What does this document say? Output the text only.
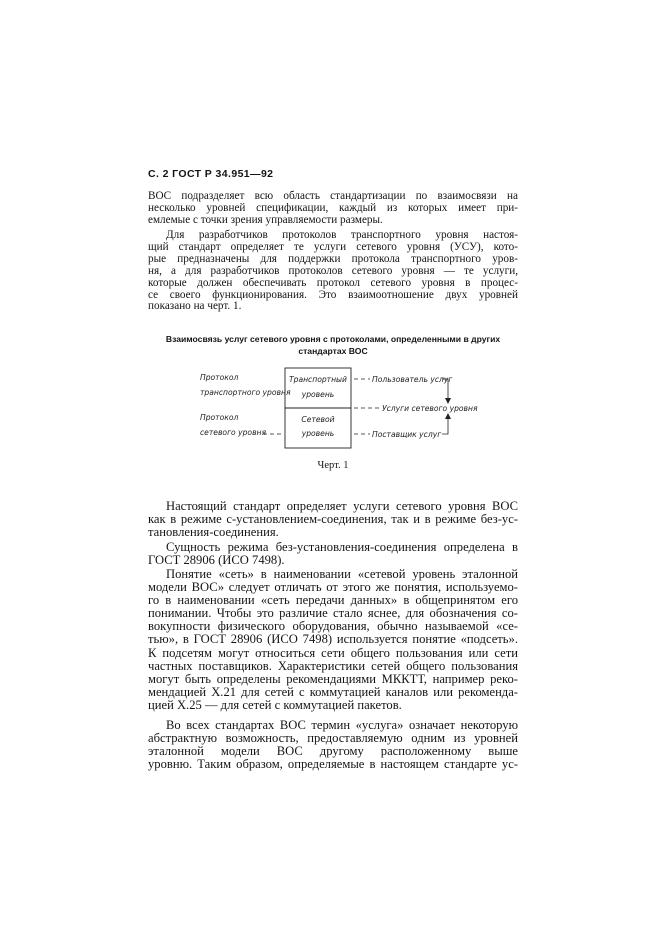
С. 2 ГОСТ Р 34.951—92

ВОС подразделяет всю область стандартизации по взаимосвязи на
несколько уровней спецификации, каждый из которых имеет при-
емлемые с точки зрения управляемости размеры.

Для разработчиков протоколов транспортного уровня настоя-
щий стандарт определяет те услуги сетевого уровня (УСУ), кото-
рые предназначены для поддержки протокола транспортного уров-
ня, а для разработчиков протоколов сетевого уровня — те услуги,
которые должен обеспечивать протокол сетевого уровня в процес-
се своего функционирования. Это взаимоотношение двух уровней
показано на черт. 1.

Взаимосвязь услуг сетевого уровня с протоколами, определенными в других
стандартах ВОС
Протокол
транспортного уровня
Протокол
сетевого уровня
Транспортный
уровень
Сетевой
уровень
Пользователь услуг
Услуги сетевого уровня
Поставщик услуг
Черт. 1

Настоящий стандарт определяет услуги сетевого уровня ВОС
как в режиме с-установлением-соединения, так и в режиме без-ус-
тановления-соединения.

Сущность режима без-установления-соединения определена в
ГОСТ 28906 (ИСО 7498).

Понятие «сеть» в наименовании «сетевой уровень эталонной
модели ВОС» следует отличать от этого же понятия, используемо-
го в наименовании «сеть передачи данных» в общепринятом его
понимании. Чтобы это различие стало яснее, для обозначения со-
вокупности физического оборудования, обычно называемой «се-
тью», в ГОСТ 28906 (ИСО 7498) используется понятие «подсеть».
К подсетям могут относиться сети общего пользования или сети
частных поставщиков. Характеристики сетей общего пользования
могут быть определены рекомендациями МККТТ, например реко-
мендацией X.21 для сетей с коммутацией каналов или рекоменда-
цией X.25 — для сетей с коммутацией пакетов.

Во всех стандартах ВОС термин «услуга» означает некоторую
абстрактную возможность, предоставляемую одним из уровней
эталонной модели ВОС другому расположенному выше
уровню. Таким образом, определяемые в настоящем стандарте ус-
